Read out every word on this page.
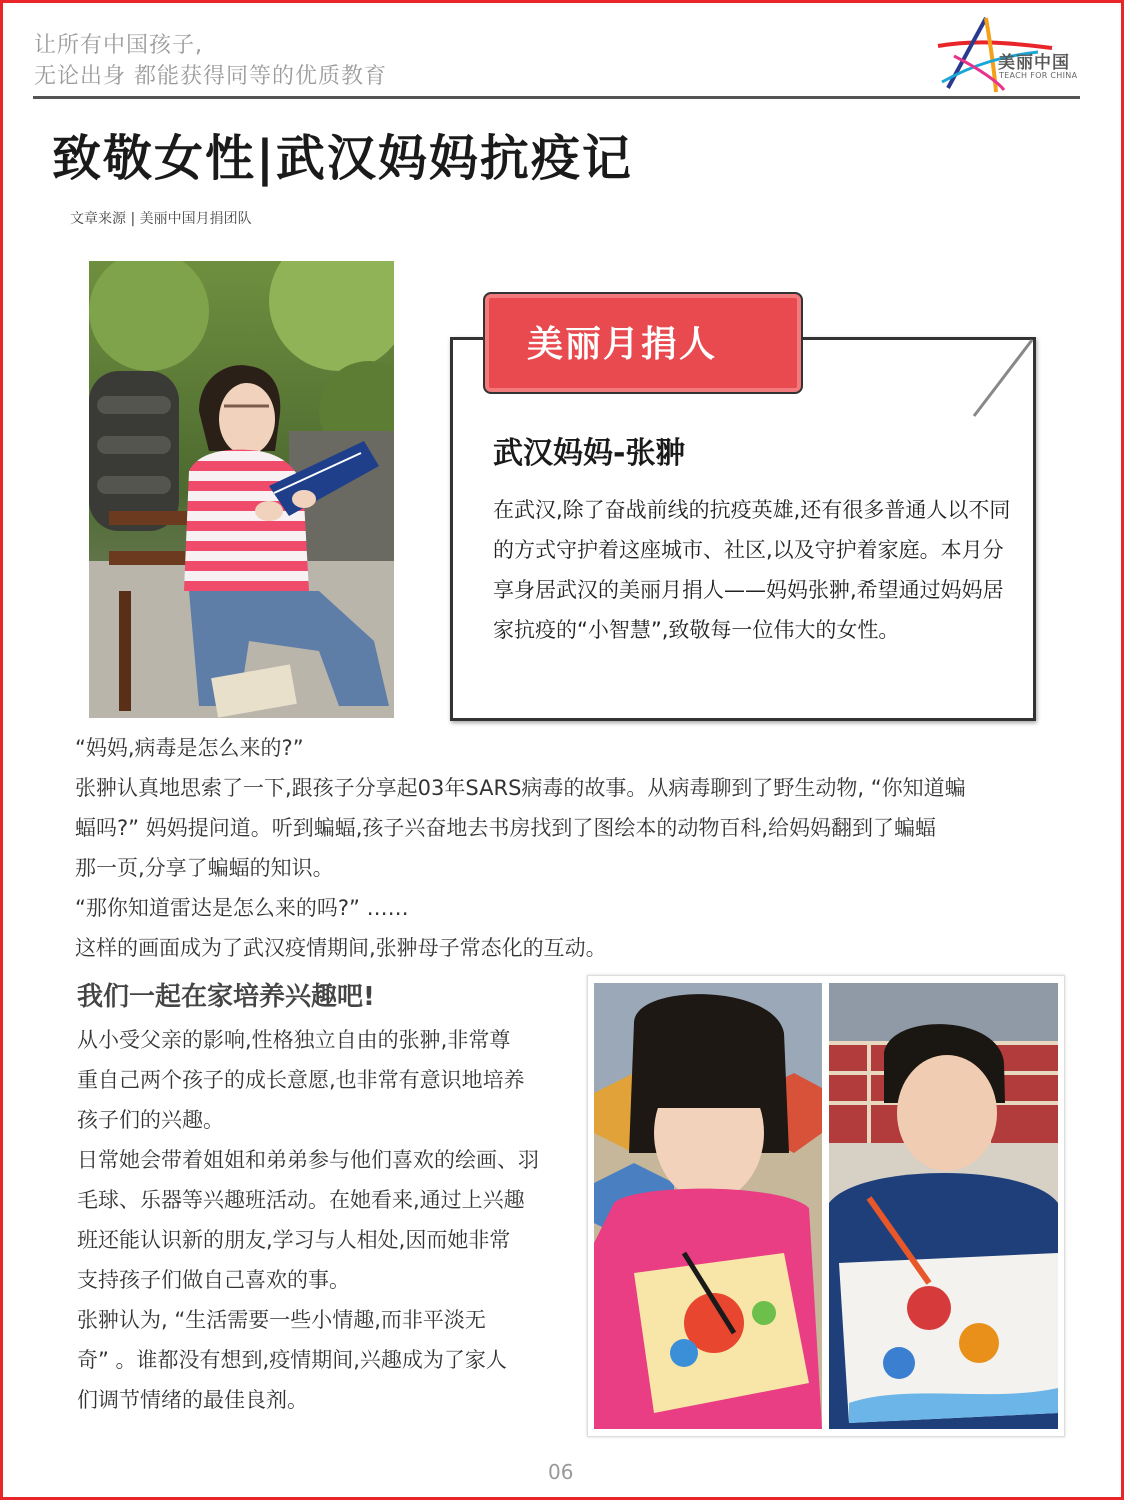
让所有中国孩子,
无论出身 都能获得同等的优质教育
美丽中国
TEACH FOR CHINA
致敬女性|武汉妈妈抗疫记
文章来源 | 美丽中国月捐团队
美丽月捐人
武汉妈妈-张翀
在武汉,除了奋战前线的抗疫英雄,还有很多普通人以不同的方式守护着这座城市、社区,以及守护着家庭。本月分享身居武汉的美丽月捐人——妈妈张翀,希望通过妈妈居家抗疫的“小智慧”,致敬每一位伟大的女性。
“妈妈,病毒是怎么来的?”
张翀认真地思索了一下,跟孩子分享起03年SARS病毒的故事。从病毒聊到了野生动物, “你知道蝙
蝠吗?” 妈妈提问道。听到蝙蝠,孩子兴奋地去书房找到了图绘本的动物百科,给妈妈翻到了蝙蝠
那一页,分享了蝙蝠的知识。
“那你知道雷达是怎么来的吗?” ……
这样的画面成为了武汉疫情期间,张翀母子常态化的互动。
我们一起在家培养兴趣吧!
从小受父亲的影响,性格独立自由的张翀,非常尊
重自己两个孩子的成长意愿,也非常有意识地培养
孩子们的兴趣。
日常她会带着姐姐和弟弟参与他们喜欢的绘画、羽
毛球、乐器等兴趣班活动。在她看来,通过上兴趣
班还能认识新的朋友,学习与人相处,因而她非常
支持孩子们做自己喜欢的事。
张翀认为, “生活需要一些小情趣,而非平淡无
奇” 。谁都没有想到,疫情期间,兴趣成为了家人
们调节情绪的最佳良剂。
06
